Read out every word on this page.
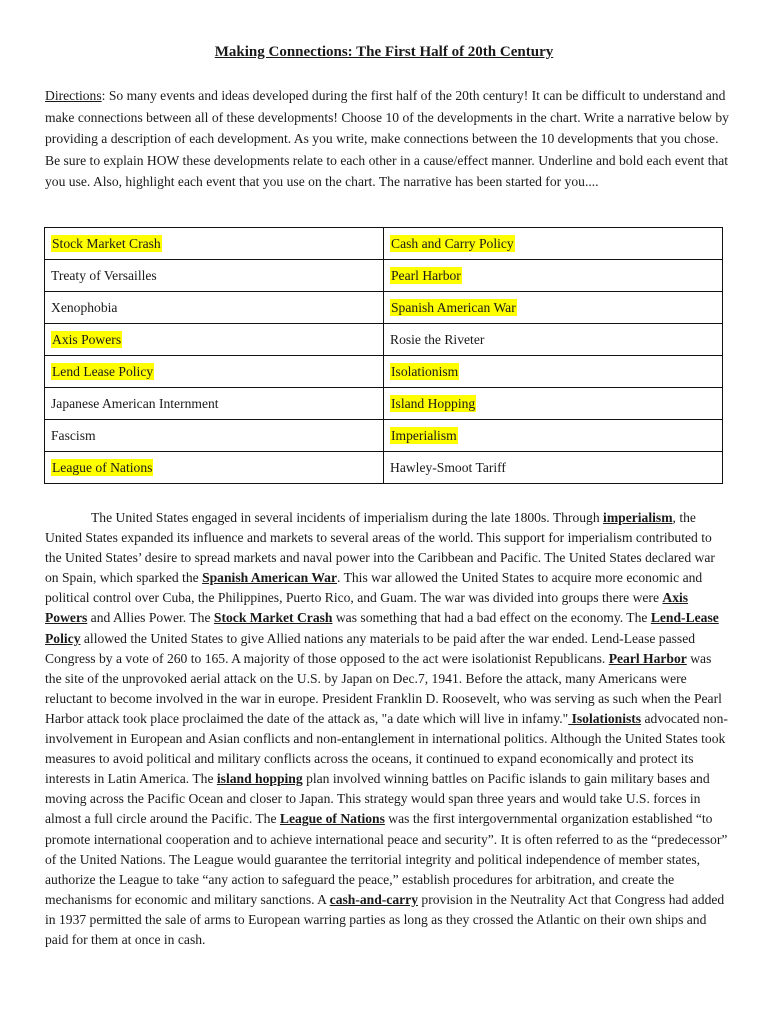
Making Connections: The First Half of 20th Century
Directions: So many events and ideas developed during the first half of the 20th century! It can be difficult to understand and make connections between all of these developments! Choose 10 of the developments in the chart. Write a narrative below by providing a description of each development. As you write, make connections between the 10 developments that you chose. Be sure to explain HOW these developments relate to each other in a cause/effect manner. Underline and bold each event that you use. Also, highlight each event that you use on the chart. The narrative has been started for you....
Stock Market Crash	Cash and Carry Policy
Treaty of Versailles	Pearl Harbor
Xenophobia	Spanish American War
Axis Powers	Rosie the Riveter
Lend Lease Policy	Isolationism
Japanese American Internment	Island Hopping
Fascism	Imperialism
League of Nations	Hawley-Smoot Tariff

The United States engaged in several incidents of imperialism during the late 1800s. Through imperialism, the United States expanded its influence and markets to several areas of the world. This support for imperialism contributed to the United States’ desire to spread markets and naval power into the Caribbean and Pacific. The United States declared war on Spain, which sparked the Spanish American War. This war allowed the United States to acquire more economic and political control over Cuba, the Philippines, Puerto Rico, and Guam. The war was divided into groups there were Axis Powers and Allies Power. The Stock Market Crash was something that had a bad effect on the economy. The Lend-Lease Policy allowed the United States to give Allied nations any materials to be paid after the war ended. Lend-Lease passed Congress by a vote of 260 to 165. A majority of those opposed to the act were isolationist Republicans. Pearl Harbor was the site of the unprovoked aerial attack on the U.S. by Japan on Dec.7, 1941. Before the attack, many Americans were reluctant to become involved in the war in europe. President Franklin D. Roosevelt, who was serving as such when the Pearl Harbor attack took place proclaimed the date of the attack as, "a date which will live in infamy." Isolationists advocated non-involvement in European and Asian conflicts and non-entanglement in international politics. Although the United States took measures to avoid political and military conflicts across the oceans, it continued to expand economically and protect its interests in Latin America. The island hopping plan involved winning battles on Pacific islands to gain military bases and moving across the Pacific Ocean and closer to Japan. This strategy would span three years and would take U.S. forces in almost a full circle around the Pacific. The League of Nations was the first intergovernmental organization established “to promote international cooperation and to achieve international peace and security”. It is often referred to as the “predecessor” of the United Nations. The League would guarantee the territorial integrity and political independence of member states, authorize the League to take “any action to safeguard the peace,” establish procedures for arbitration, and create the mechanisms for economic and military sanctions. A cash-and-carry provision in the Neutrality Act that Congress had added in 1937 permitted the sale of arms to European warring parties as long as they crossed the Atlantic on their own ships and paid for them at once in cash.
